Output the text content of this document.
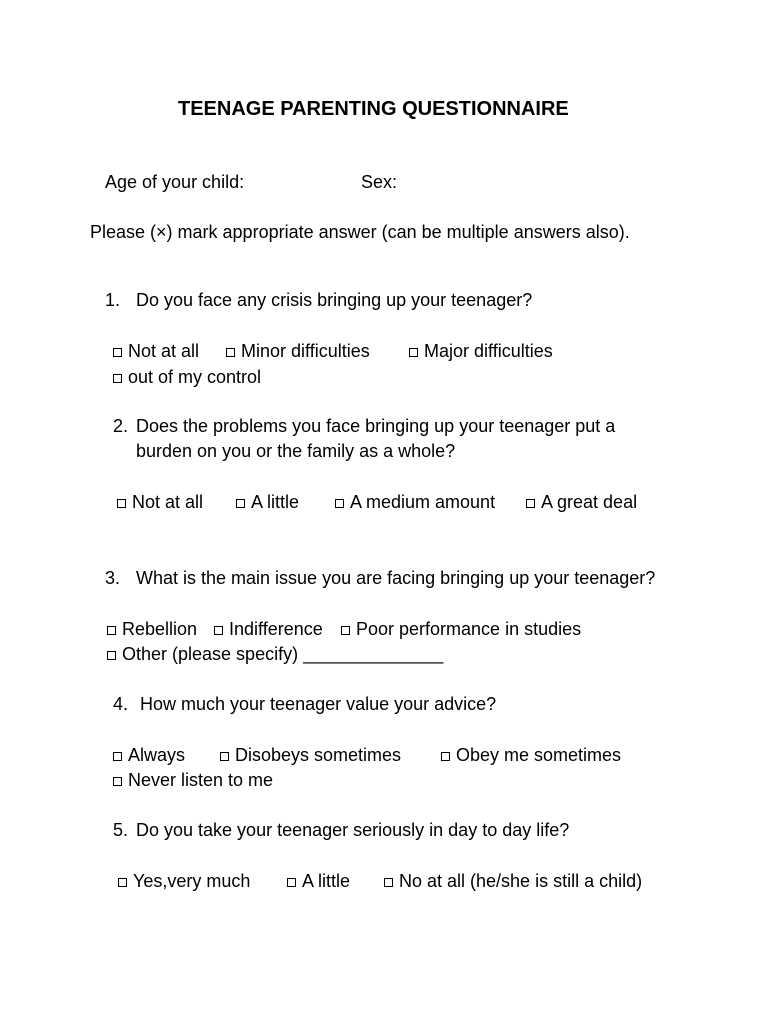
TEENAGE PARENTING QUESTIONNAIRE
Age of your child:	Sex:
Please (×) mark appropriate answer (can be multiple answers also).
1. Do you face any crisis bringing up your teenager?
Not at all Minor difficulties	Major difficulties
out of my control
2. Does the problems you face bringing up your teenager put a
burden on you or the family as a whole?
Not at all	A little	A medium amount	A great deal
3. What is the main issue you are facing bringing up your teenager?
Rebellion Indifference Poor performance in studies
Other (please specify) ______________
4. How much your teenager value your advice?
Always	Disobeys sometimes	Obey me sometimes
Never listen to me
5. Do you take your teenager seriously in day to day life?
Yes,very much	A little	No at all (he/she is still a child)
